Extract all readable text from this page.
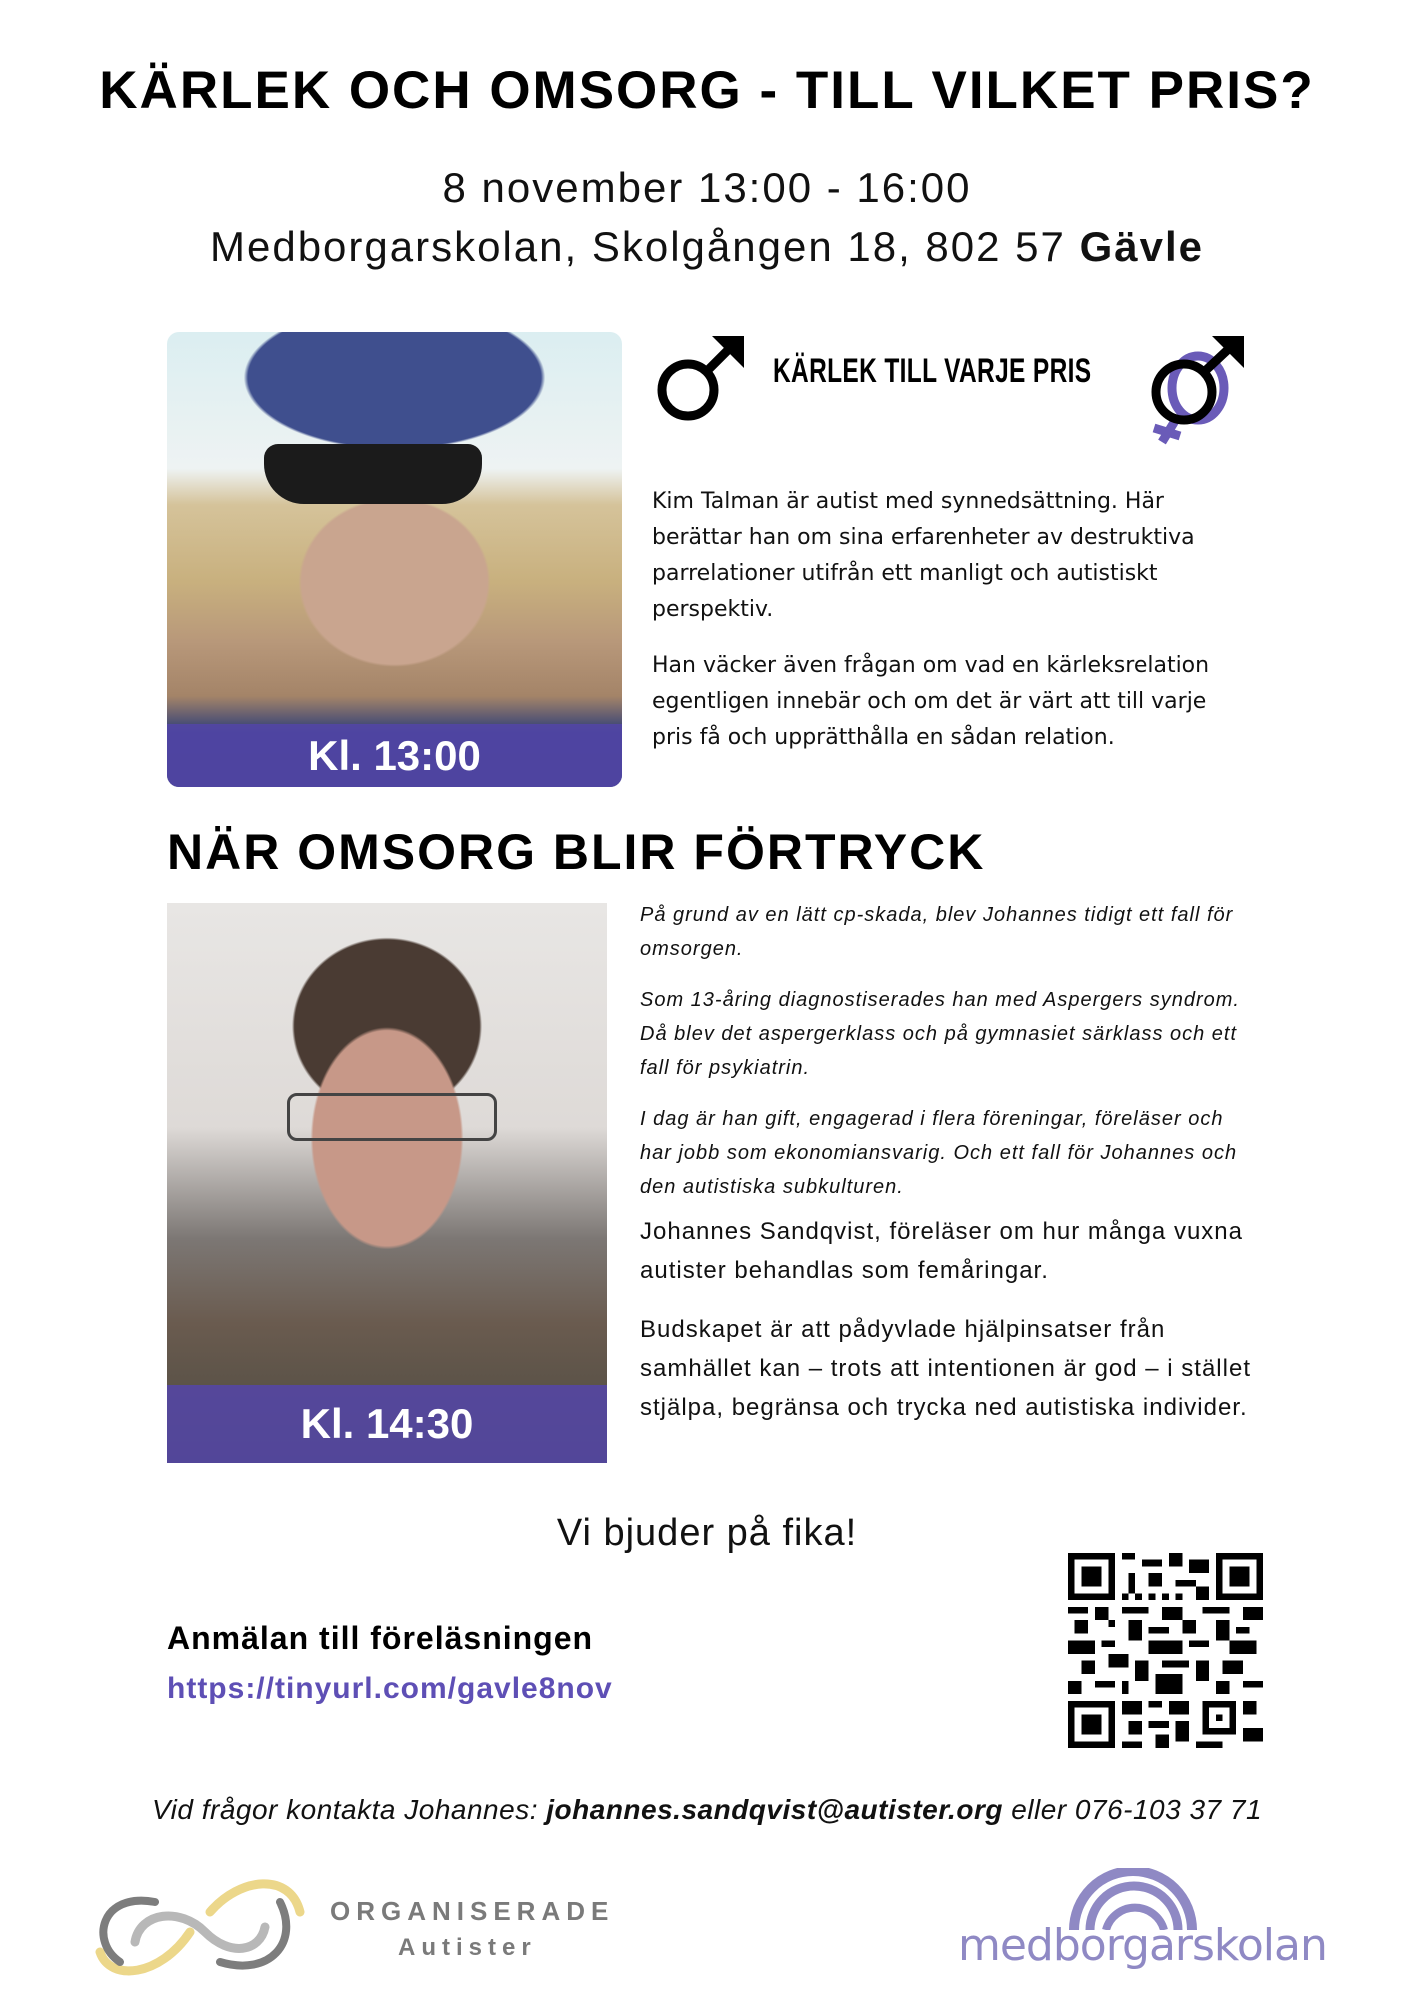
KÄRLEK OCH OMSORG - TILL VILKET PRIS?
8 november 13:00 - 16:00
Medborgarskolan, Skolgången 18, 802 57 Gävle
Kl. 13:00
KÄRLEK TILL VARJE PRIS

Kim Talman är autist med synnedsättning. Här berättar han om sina erfarenheter av destruktiva parrelationer utifrån ett manligt och autistiskt perspektiv.

Han väcker även frågan om vad en kärleksrelation egentligen innebär och om det är värt att till varje pris få och upprätthålla en sådan relation.

NÄR OMSORG BLIR FÖRTRYCK
Kl. 14:30

På grund av en lätt cp-skada, blev Johannes tidigt ett fall för omsorgen.

Som 13-åring diagnostiserades han med Aspergers syndrom. Då blev det aspergerklass och på gymnasiet särklass och ett fall för psykiatrin.

I dag är han gift, engagerad i flera föreningar, föreläser och har jobb som ekonomiansvarig. Och ett fall för Johannes och den autistiska subkulturen.

Johannes Sandqvist, föreläser om hur många vuxna autister behandlas som femåringar.

Budskapet är att pådyvlade hjälpinsatser från samhället kan – trots att intentionen är god – i stället stjälpa, begränsa och trycka ned autistiska individer.

Vi bjuder på fika!
Anmälan till föreläsningen
https://tinyurl.com/gavle8nov
Vid frågor kontakta Johannes: johannes.sandqvist@autister.org eller 076-103 37 71
ORGANISERADE
Autister	medborgarskolan
